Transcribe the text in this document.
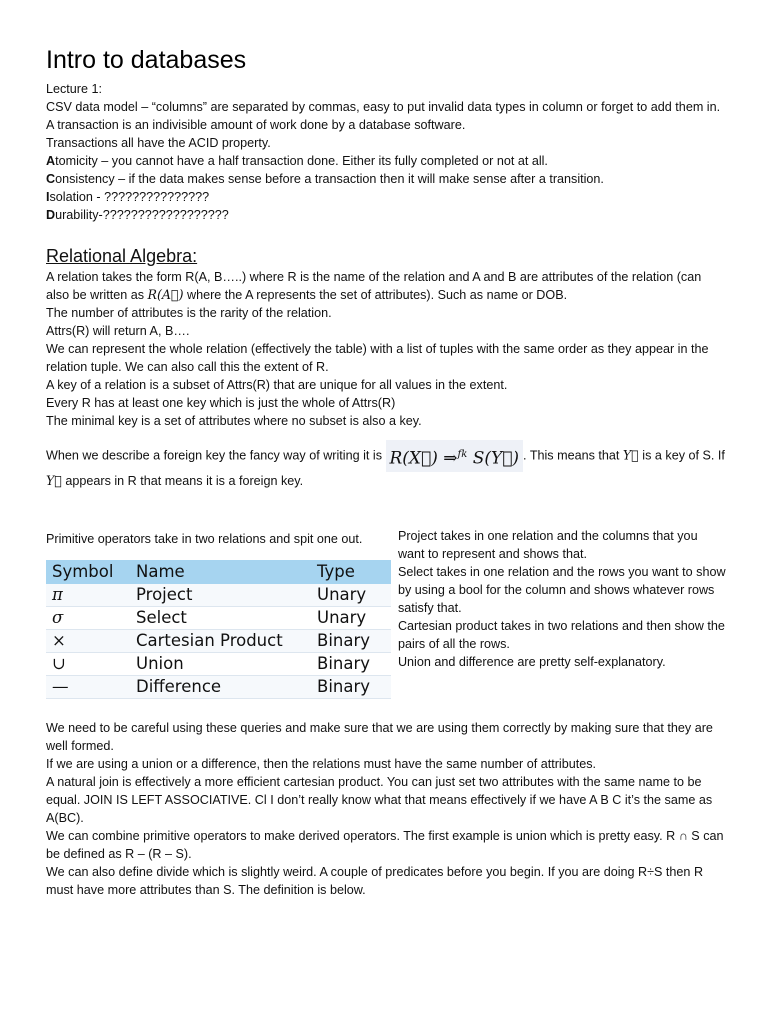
Intro to databases

Lecture 1:

CSV data model – “columns” are separated by commas, easy to put invalid data types in column or forget to add them in.

A transaction is an indivisible amount of work done by a database software.

Transactions all have the ACID property.

Atomicity – you cannot have a half transaction done. Either its fully completed or not at all.

Consistency – if the data makes sense before a transaction then it will make sense after a transition.

Isolation - ???????????????

Durability-??????????????????

Relational Algebra:

A relation takes the form R(A, B…..) where R is the name of the relation and A and B are attributes of the relation (can also be written as R(A⃗) where the A represents the set of attributes). Such as name or DOB.

The number of attributes is the rarity of the relation.

Attrs(R) will return A, B….

We can represent the whole relation (effectively the table) with a list of tuples with the same order as they appear in the relation tuple. We can also call this the extent of R.

A key of a relation is a subset of Attrs(R) that are unique for all values in the extent.

Every R has at least one key which is just the whole of Attrs(R)

The minimal key is a set of attributes where no subset is also a key.

When we describe a foreign key the fancy way of writing it is R(X⃗) ⇒$^{fk}$ S(Y⃗) . This means that Y⃗ is a key of S. If Y⃗ appears in R that means it is a foreign key.

Primitive operators take in two relations and spit one out.

Symbol	Name	Type
π	Project	Unary
σ	Select	Unary
×	Cartesian Product	Binary
∪	Union	Binary
—	Difference	Binary

Project takes in one relation and the columns that you want to represent and shows that.

Select takes in one relation and the rows you want to show by using a bool for the column and shows whatever rows satisfy that.

Cartesian product takes in two relations and then show the pairs of all the rows.

Union and difference are pretty self-explanatory.

We need to be careful using these queries and make sure that we are using them correctly by making sure that they are well formed.

If we are using a union or a difference, then the relations must have the same number of attributes.

A natural join is effectively a more efficient cartesian product. You can just set two attributes with the same name to be equal. JOIN IS LEFT ASSOCIATIVE. Cl I don’t really know what that means effectively if we have A B C it’s the same as A(BC).

We can combine primitive operators to make derived operators. The first example is union which is pretty easy. R ∩ S can be defined as R – (R – S).

We can also define divide which is slightly weird. A couple of predicates before you begin. If you are doing R÷S then R must have more attributes than S. The definition is below.
